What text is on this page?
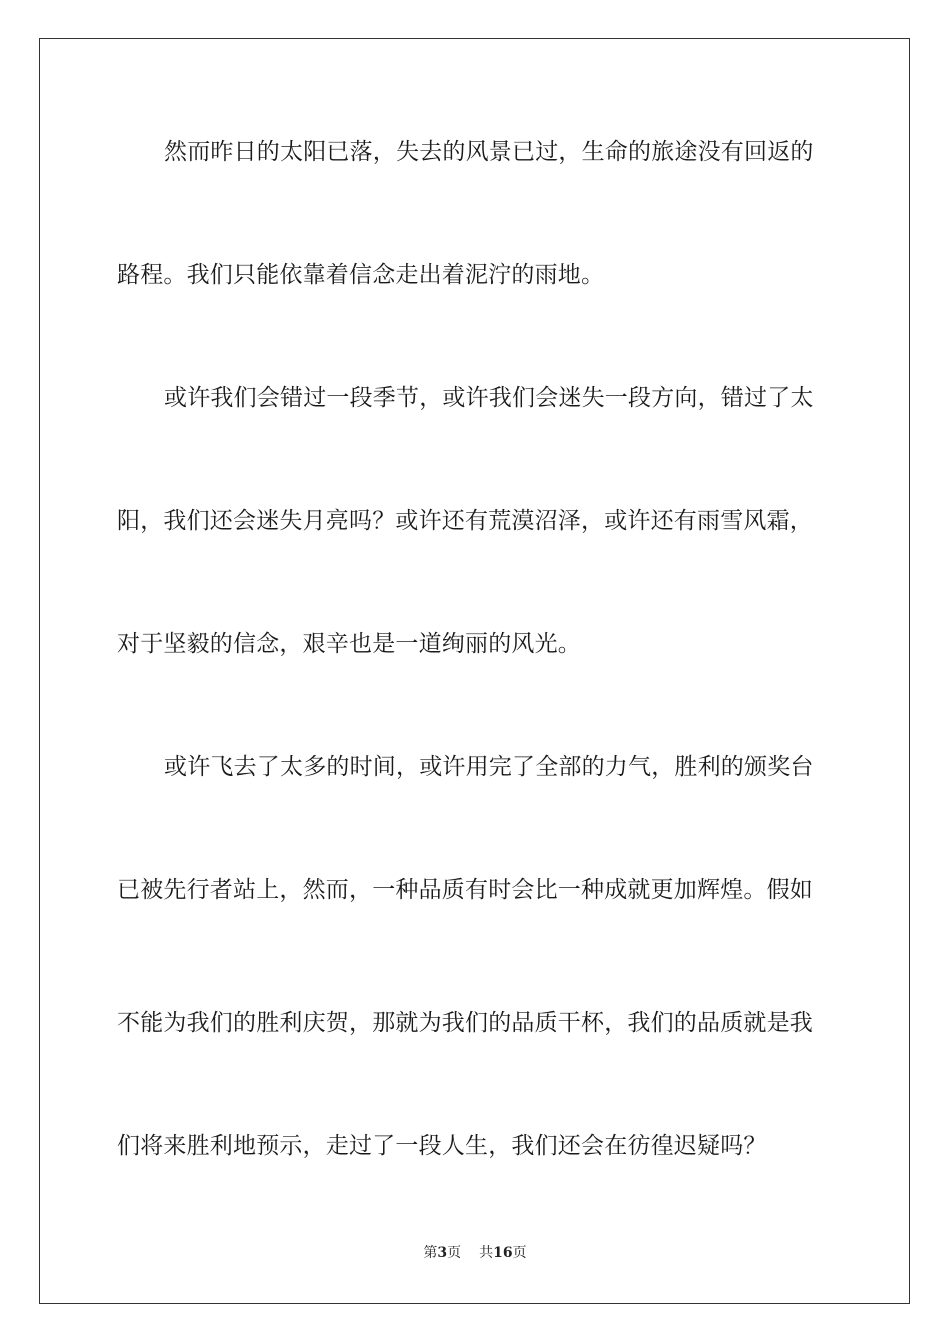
然而昨日的太阳已落，失去的风景已过，生命的旅途没有回返的
路程。我们只能依靠着信念走出着泥泞的雨地。
或许我们会错过一段季节，或许我们会迷失一段方向，错过了太
阳，我们还会迷失月亮吗？或许还有荒漠沼泽，或许还有雨雪风霜，
对于坚毅的信念，艰辛也是一道绚丽的风光。
或许飞去了太多的时间，或许用完了全部的力气，胜利的颁奖台
已被先行者站上，然而，一种品质有时会比一种成就更加辉煌。假如
不能为我们的胜利庆贺，那就为我们的品质干杯，我们的品质就是我
们将来胜利地预示，走过了一段人生，我们还会在彷徨迟疑吗？
第3页 共16页
